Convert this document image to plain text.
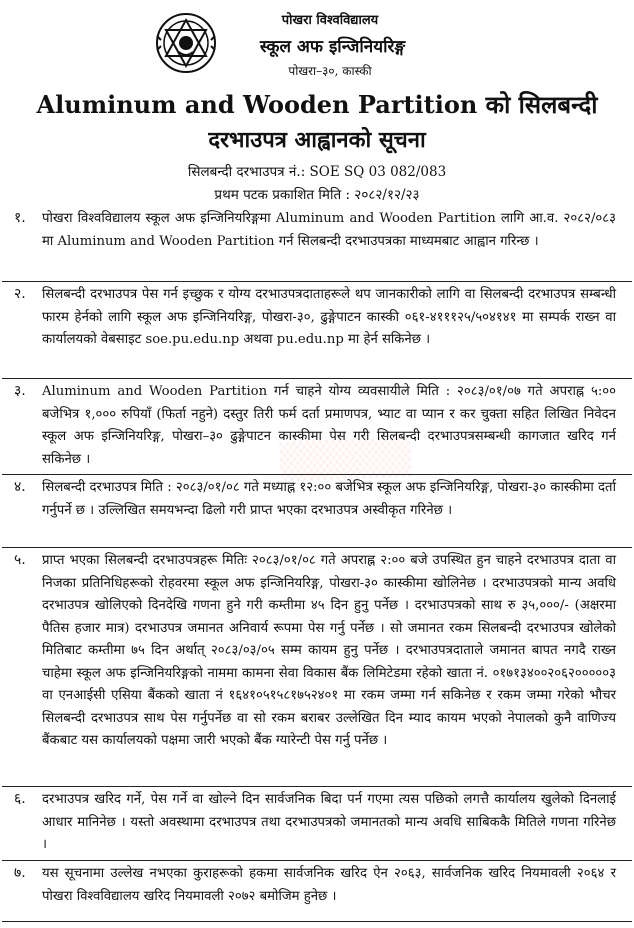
पोखरा विश्वविद्यालय
स्कूल अफ इन्जिनियरिङ्ग
पोखरा–३०, कास्की
Aluminum and Wooden Partition को सिलबन्दी
दरभाउपत्र आह्वानको सूचना
सिलबन्दी दरभाउपत्र नं.: SOE SQ 03 082/083
प्रथम पटक प्रकाशित मिति : २०८२/१२/२३
▒▒▒▒▒
१. पोखरा विश्वविद्यालय स्कूल अफ इन्जिनियरिङ्गमा Aluminum and Wooden Partition लागि आ.व. २०८२/०८३ मा Aluminum and Wooden Partition गर्न सिलबन्दी दरभाउपत्रका माध्यमबाट आह्वान गरिन्छ ।
२. सिलबन्दी दरभाउपत्र पेस गर्न इच्छुक र योग्य दरभाउपत्रदाताहरूले थप जानकारीको लागि वा सिलबन्दी दरभाउपत्र सम्बन्धी फारम हेर्नको लागि स्कूल अफ इन्जिनियरिङ्ग, पोखरा-३०, ढुङ्गेपाटन कास्की ०६१-४१११२५/५०४१४१ मा सम्पर्क राख्न वा कार्यालयको वेबसाइट soe.pu.edu.np अथवा pu.edu.np मा हेर्न सकिनेछ ।
३. Aluminum and Wooden Partition गर्न चाहने योग्य व्यवसायीले मिति : २०८३/०१/०७ गते अपराह्न ५:०० बजेभित्र १,००० रुपियाँ (फिर्ता नहुने) दस्तुर तिरी फर्म दर्ता प्रमाणपत्र, भ्याट वा प्यान र कर चुक्ता सहित लिखित निवेदन स्कूल अफ इन्जिनियरिङ्ग, पोखरा–३० ढुङ्गेपाटन कास्कीमा पेस गरी सिलबन्दी दरभाउपत्रसम्बन्धी कागजात खरिद गर्न सकिनेछ ।
४. सिलबन्दी दरभाउपत्र मिति : २०८३/०१/०८ गते मध्याह्न १२:०० बजेभित्र स्कूल अफ इन्जिनियरिङ्ग, पोखरा-३० कास्कीमा दर्ता गर्नुपर्ने छ । उल्लिखित समयभन्दा ढिलो गरी प्राप्त भएका दरभाउपत्र अस्वीकृत गरिनेछ ।
५. प्राप्त भएका सिलबन्दी दरभाउपत्रहरू मितिः २०८३/०१/०८ गते अपराह्न २:०० बजे उपस्थित हुन चाहने दरभाउपत्र दाता वा निजका प्रतिनिधिहरूको रोहवरमा स्कूल अफ इन्जिनियरिङ्ग, पोखरा-३० कास्कीमा खोलिनेछ । दरभाउपत्रको मान्य अवधि दरभाउपत्र खोलिएको दिनदेखि गणना हुने गरी कम्तीमा ४५ दिन हुनु पर्नेछ । दरभाउपत्रको साथ रु ३५,०००/- (अक्षरमा पैतिस हजार मात्र) दरभाउपत्र जमानत अनिवार्य रूपमा पेस गर्नु पर्नेछ । सो जमानत रकम सिलबन्दी दरभाउपत्र खोलेको मितिबाट कम्तीमा ७५ दिन अर्थात् २०८३/०३/०५ सम्म कायम हुनु पर्नेछ । दरभाउपत्रदाताले जमानत बापत नगदै राख्न चाहेमा स्कूल अफ इन्जिनियरिङ्गको नाममा कामना सेवा विकास बैंक लिमिटेडमा रहेको खाता नं. ०१७१३४००२०६२०००००३ वा एनआईसी एसिया बैंकको खाता नं १६४१०५१५८१७५२४०१ मा रकम जम्मा गर्न सकिनेछ र रकम जम्मा गरेको भौचर सिलबन्दी दरभाउपत्र साथ पेस गर्नुपर्नेछ वा सो रकम बराबर उल्लेखित दिन म्याद कायम भएको नेपालको कुनै वाणिज्य बैंकबाट यस कार्यालयको पक्षमा जारी भएको बैंक ग्यारेन्टी पेस गर्नु पर्नेछ ।
६. दरभाउपत्र खरिद गर्ने, पेस गर्ने वा खोल्ने दिन सार्वजनिक बिदा पर्न गएमा त्यस पछिको लगत्तै कार्यालय खुलेको दिनलाई आधार मानिनेछ । यस्तो अवस्थामा दरभाउपत्र तथा दरभाउपत्रको जमानतको मान्य अवधि साबिककै मितिले गणना गरिनेछ ।
७. यस सूचनामा उल्लेख नभएका कुराहरूको हकमा सार्वजनिक खरिद ऐन २०६३, सार्वजनिक खरिद नियमावली २०६४ र पोखरा विश्वविद्यालय खरिद नियमावली २०७२ बमोजिम हुनेछ ।
